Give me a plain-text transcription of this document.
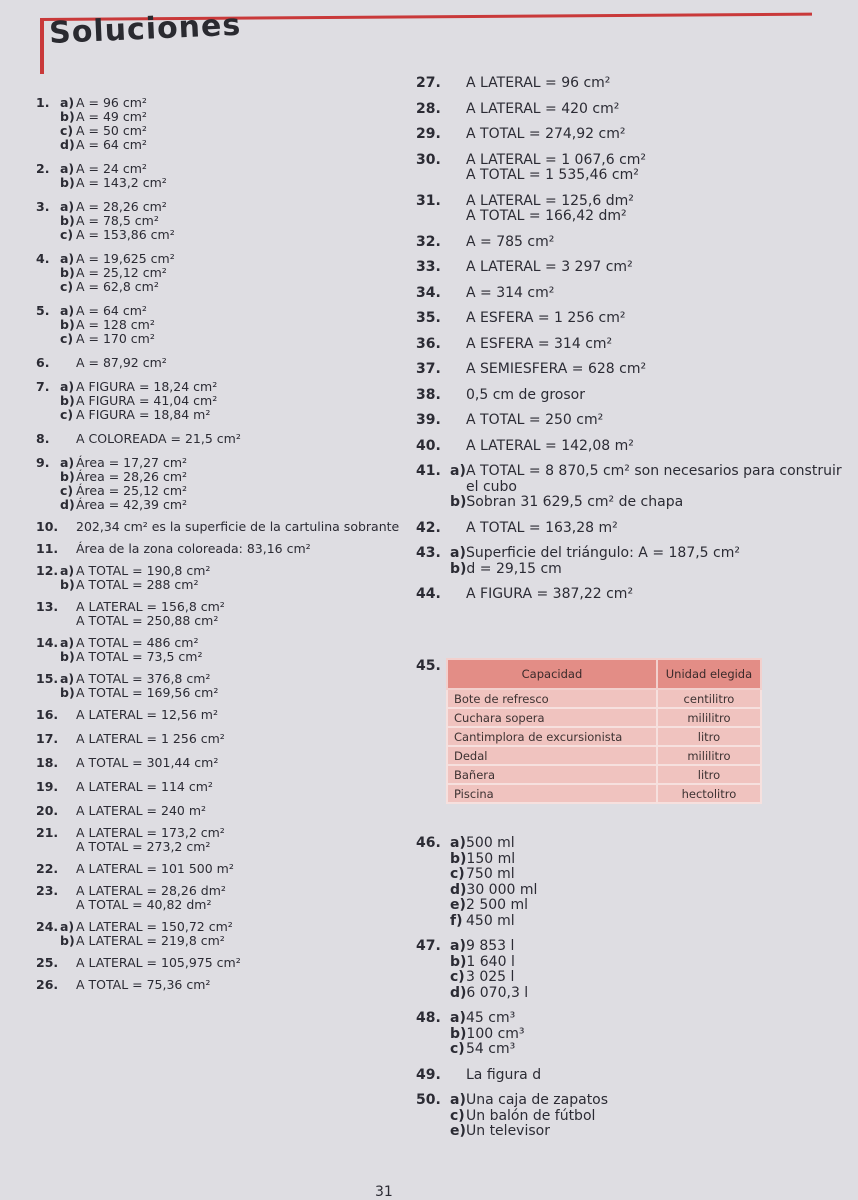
Soluciones
1. a) A = 96 cm²
b)A = 49 cm²
c) A = 50 cm²
d)A = 64 cm²
2. a) A = 24 cm²
b)A = 143,2 cm²
3. a) A = 28,26 cm²
b)A = 78,5 cm²
c) A = 153,86 cm²
4. a) A = 19,625 cm²
b)A = 25,12 cm²
c) A = 62,8 cm²
5. a) A = 64 cm²
b)A = 128 cm²
c) A = 170 cm²
6.	A = 87,92 cm²
7. a) A FIGURA = 18,24 cm²
b)A FIGURA = 41,04 cm²
c) A FIGURA = 18,84 m²
8.	A COLOREADA = 21,5 cm²
9. a) Área = 17,27 cm²
b)Área = 28,26 cm²
c) Área = 25,12 cm²
d)Área = 42,39 cm²
10.	202,34 cm² es la superficie de la cartulina sobrante
11.	Área de la zona coloreada: 83,16 cm²
12. a) A TOTAL = 190,8 cm²
b)A TOTAL = 288 cm²
13.	A LATERAL = 156,8 cm²
A TOTAL = 250,88 cm²
14. a) A TOTAL = 486 cm²
b)A TOTAL = 73,5 cm²
15. a) A TOTAL = 376,8 cm²
b)A TOTAL = 169,56 cm²
16.	A LATERAL = 12,56 m²
17.	A LATERAL = 1 256 cm²
18.	A TOTAL = 301,44 cm²
19.	A LATERAL = 114 cm²
20.	A LATERAL = 240 m²
21.	A LATERAL = 173,2 cm²
A TOTAL = 273,2 cm²
22.	A LATERAL = 101 500 m²
23.	A LATERAL = 28,26 dm²
A TOTAL = 40,82 dm²
24. a) A LATERAL = 150,72 cm²
b)A LATERAL = 219,8 cm²
25.	A LATERAL = 105,975 cm²
26.	A TOTAL = 75,36 cm²
27.	A LATERAL = 96 cm²
28.	A LATERAL = 420 cm²
29.	A TOTAL = 274,92 cm²
30.	A LATERAL = 1 067,6 cm²
A TOTAL = 1 535,46 cm²
31.	A LATERAL = 125,6 dm²
A TOTAL = 166,42 dm²
32.	A = 785 cm²
33.	A LATERAL = 3 297 cm²
34.	A = 314 cm²
35.	A ESFERA = 1 256 cm²
36.	A ESFERA = 314 cm²
37.	A SEMIESFERA = 628 cm²
38.	0,5 cm de grosor
39.	A TOTAL = 250 cm²
40.	A LATERAL = 142,08 m²
41. a)A TOTAL = 8 870,5 cm² son necesarios para construir
el cubo
b)Sobran 31 629,5 cm² de chapa
42.	A TOTAL = 163,28 m²
43. a)Superficie del triángulo: A = 187,5 cm²
b)d = 29,15 cm
44.	A FIGURA = 387,22 cm²
45.	Capacidad	Unidad elegida
Bote de refresco	centilitro
Cuchara sopera	mililitro
Cantimplora de excursionista	litro
Dedal	mililitro
Bañera	litro
Piscina	hectolitro
46. a)500 ml
b)150 ml
c)750 ml
d)30 000 ml
e)2 500 ml
f) 450 ml
47. a)9 853 l
b)1 640 l
c)3 025 l
d)6 070,3 l
48. a)45 cm³
b)100 cm³
c)54 cm³
49.	La figura d
50. a)Una caja de zapatos
c)Un balón de fútbol
e)Un televisor
31
